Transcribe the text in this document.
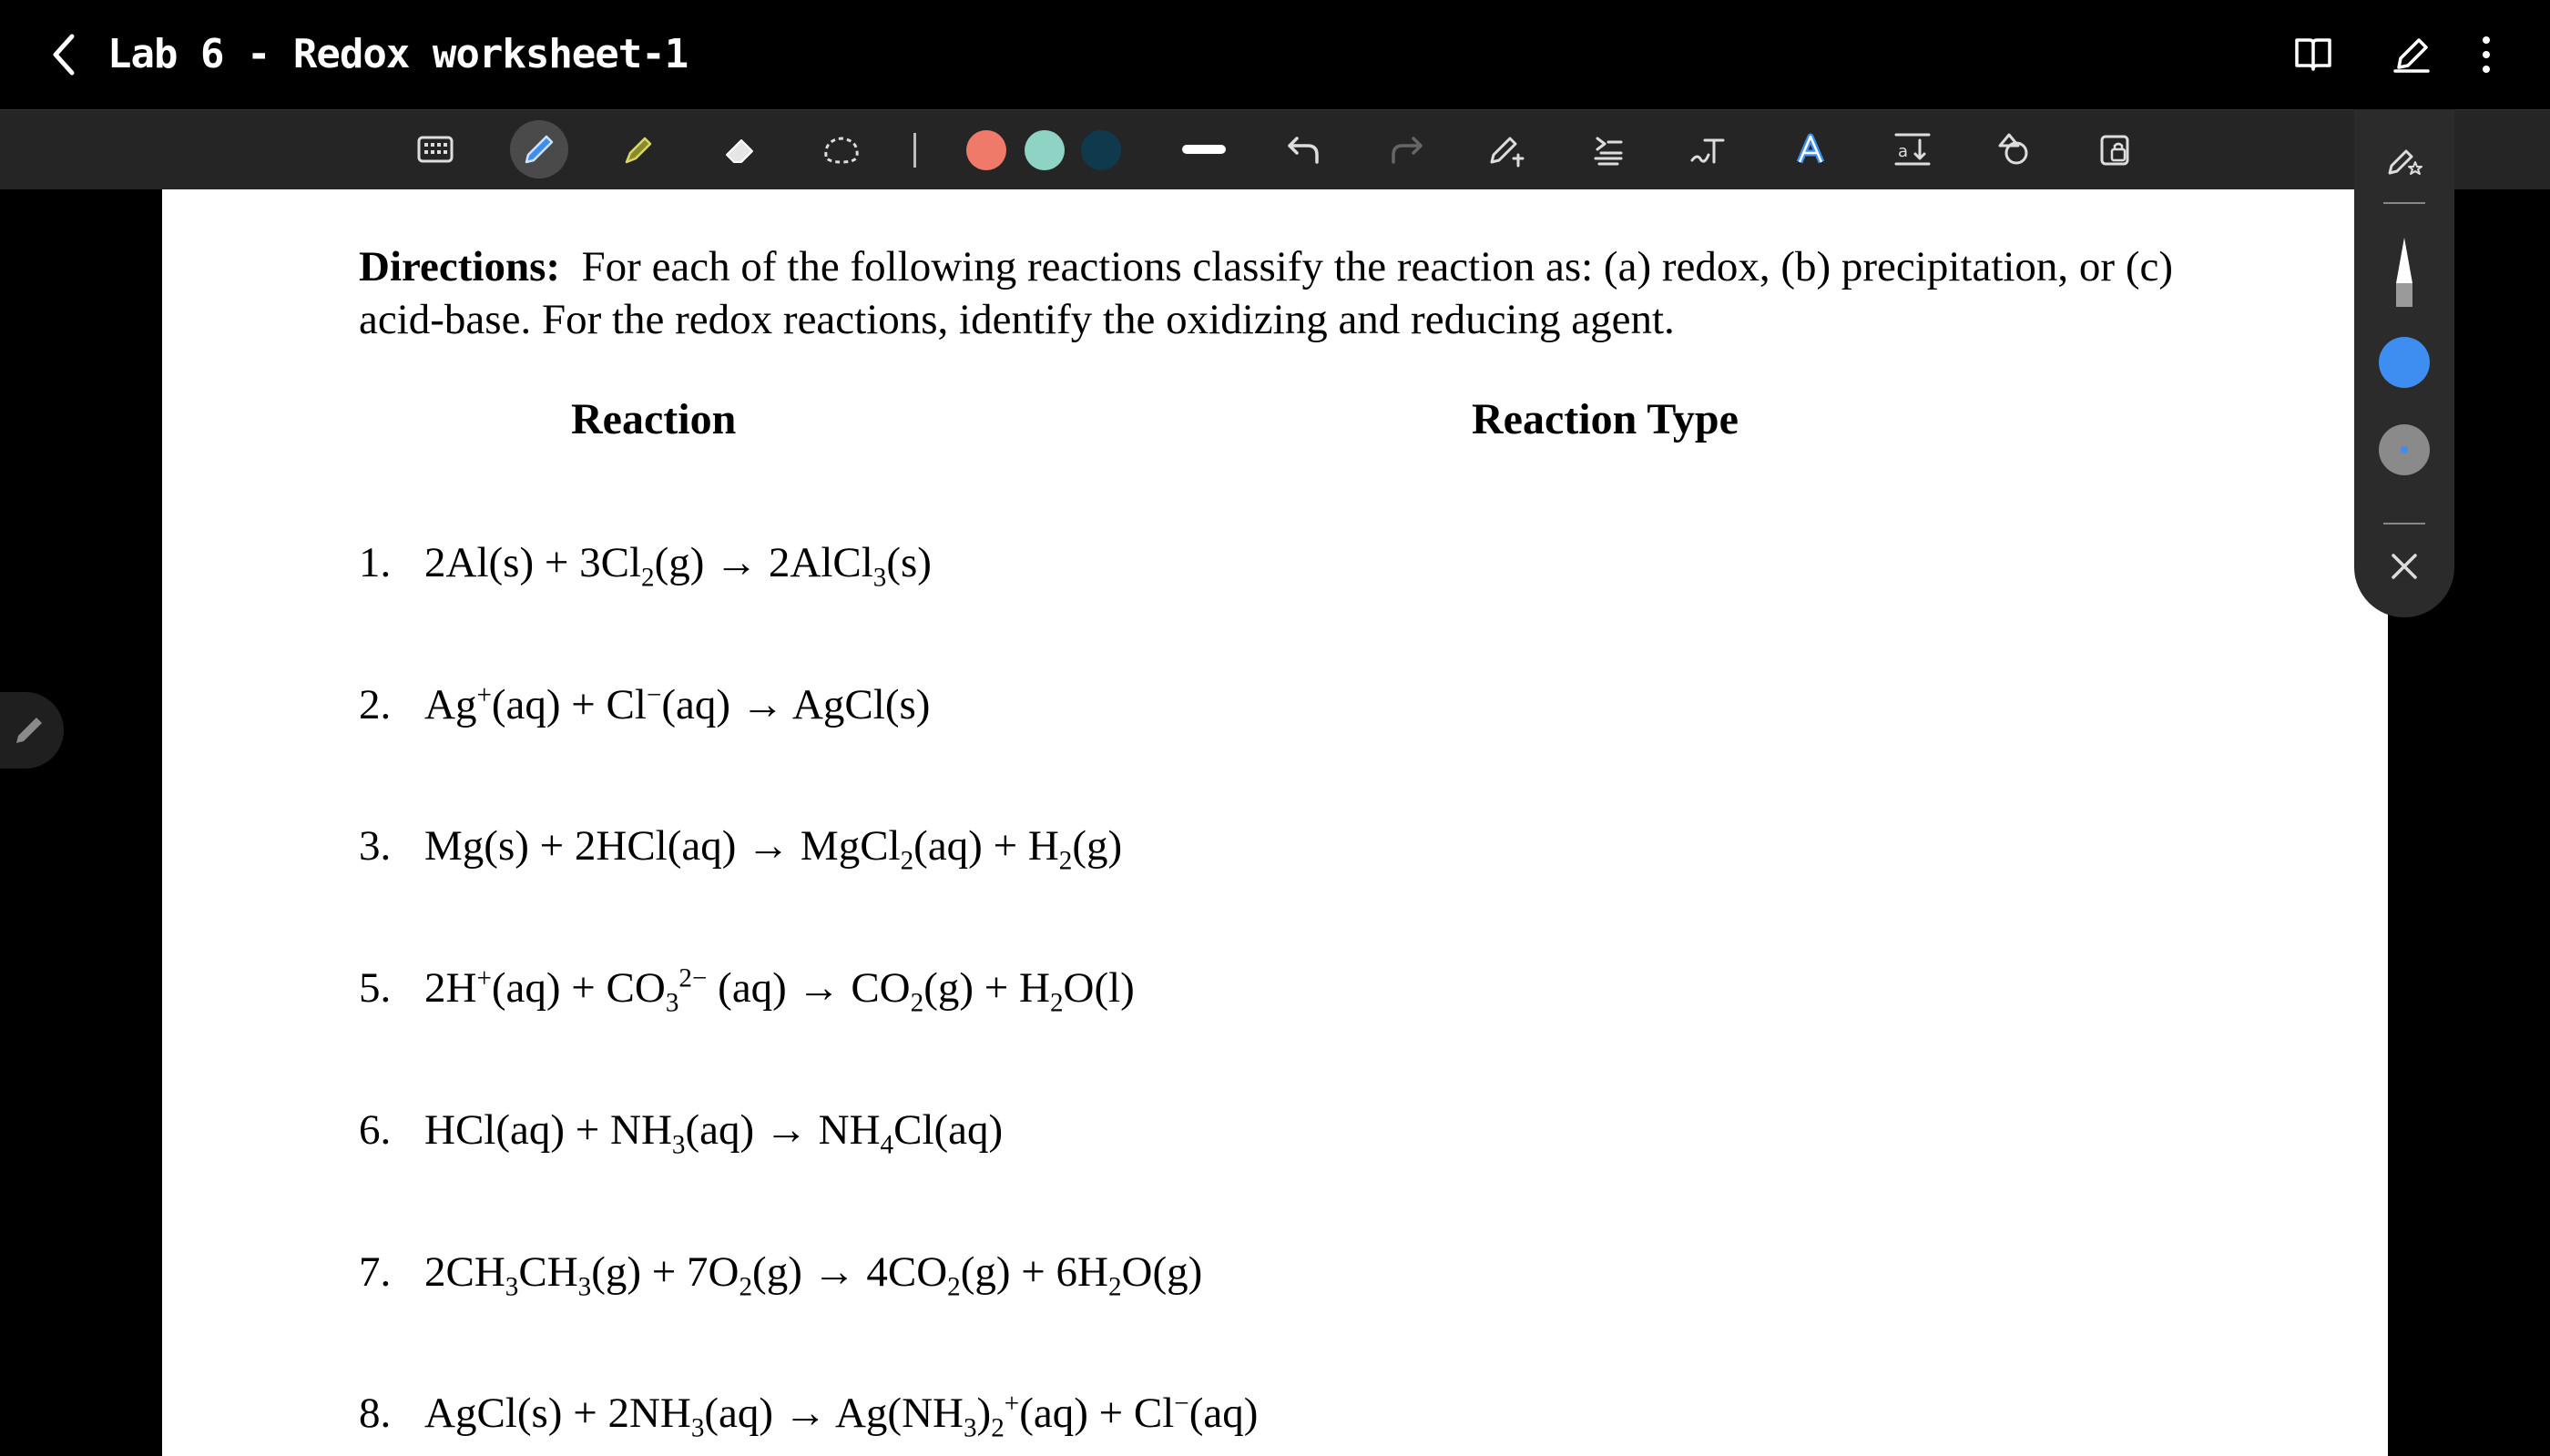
Lab 6 - Redox worksheet-1
a
Directions: For each of the following reactions classify the reaction as: (a) redox, (b) precipitation, or (c) acid-base. For the redox reactions, identify the oxidizing and reducing agent.
Reaction	Reaction Type
1. $2Al(s) + 3Cl_2(g)$ → 2AlCl$_3$(s)
2. Ag+(aq) + Cl−(aq) → AgCl(s)
3. Mg(s) + 2HCl(aq) → MgCl$_2$(aq) + $H_2(g)$
5. $2H^+(aq) + CO_3^{2-}$ $(aq) \to CO_2(g) + H_2O(l)$
6. $HCl(aq) + NH_3(aq) \to NH_4Cl(aq)$
7. $2CH_3CH_3(g) + 7O_2(g) \to 4CO_2(g) + 6H_2O(g)$
8. AgCl(s) + $2NH_3(aq) \to Ag(NH_3)_2^+(aq) + Cl^-(aq)$
